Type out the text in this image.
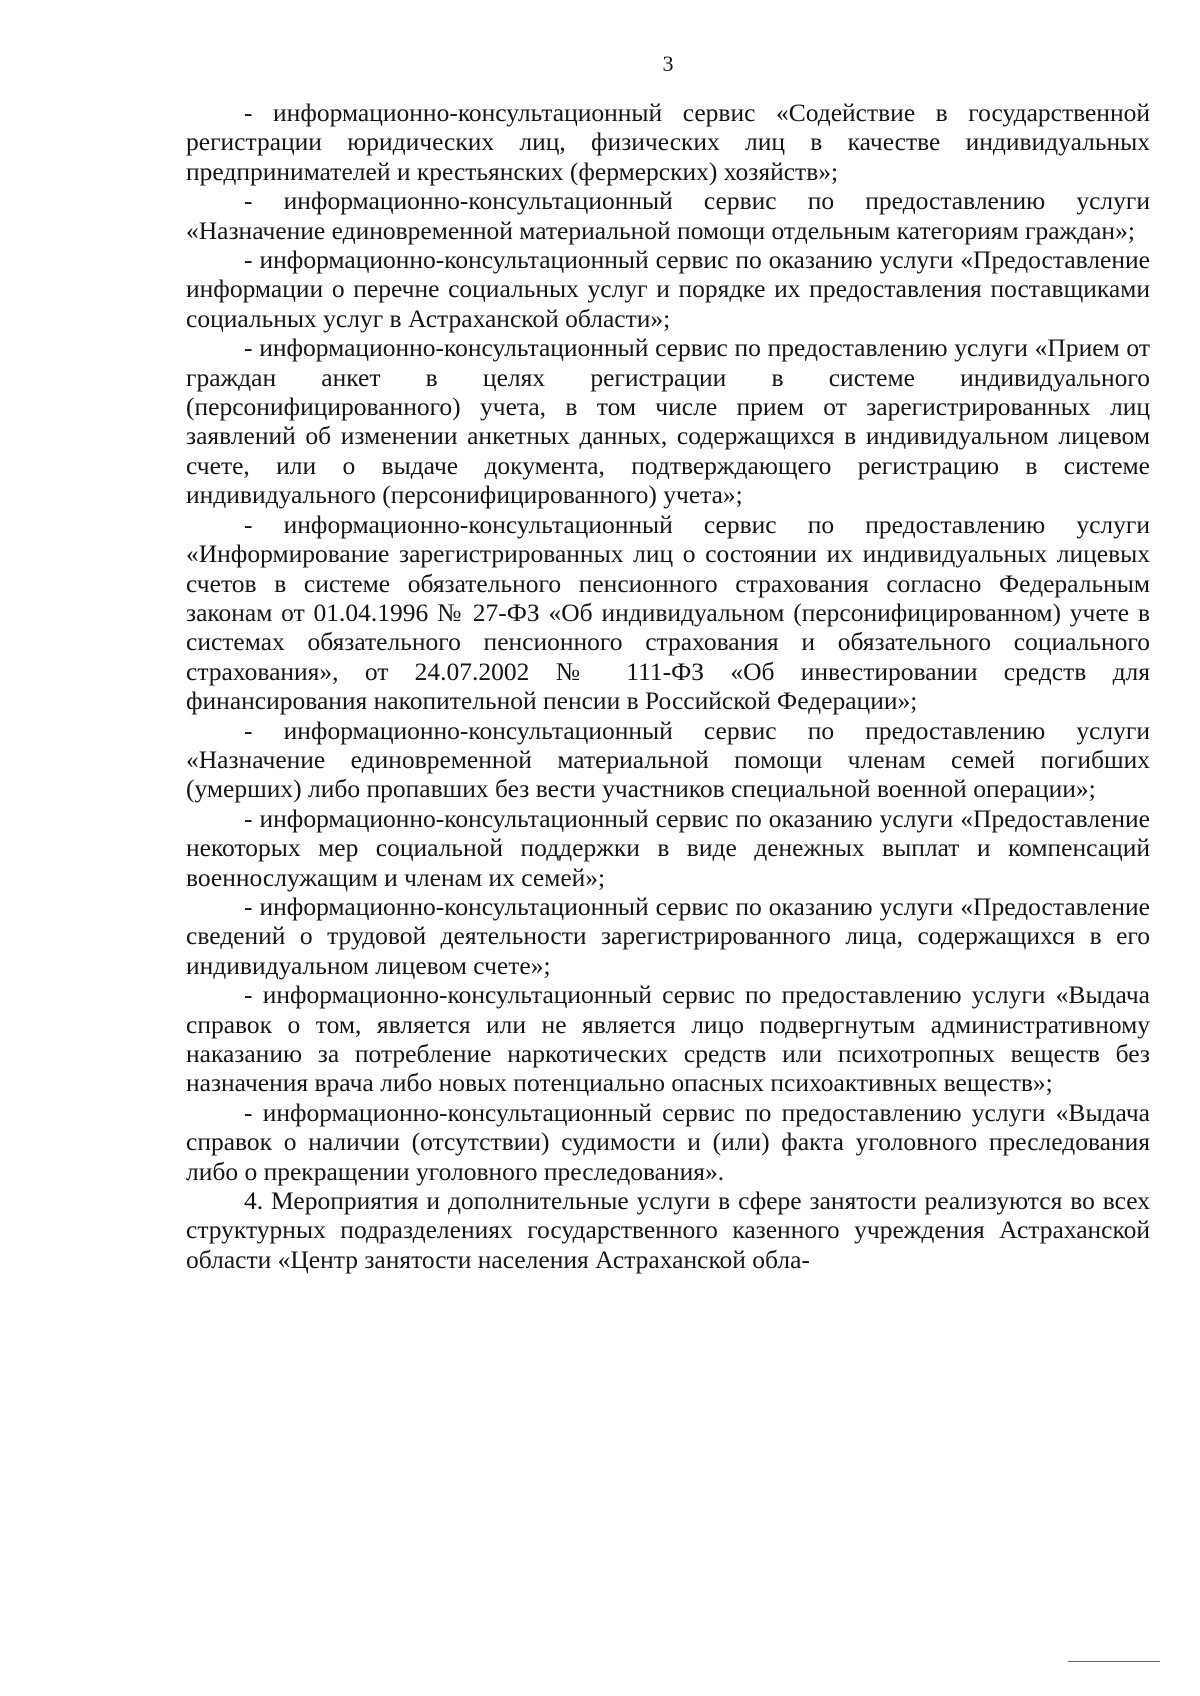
3

- информационно-консультационный сервис «Содействие в государственной регистрации юридических лиц, физических лиц в качестве индивидуальных предпринимателей и крестьянских (фермерских) хозяйств»;

- информационно-консультационный сервис по предоставлению услуги «Назначение единовременной материальной помощи отдельным категориям граждан»;

- информационно-консультационный сервис по оказанию услуги «Предоставление информации о перечне социальных услуг и порядке их предоставления поставщиками социальных услуг в Астраханской области»;

- информационно-консультационный сервис по предоставлению услуги «Прием от граждан анкет в целях регистрации в системе индивидуального (персонифицированного) учета, в том числе прием от зарегистрированных лиц заявлений об изменении анкетных данных, содержащихся в индивидуальном лицевом счете, или о выдаче документа, подтверждающего регистрацию в системе индивидуального (персонифицированного) учета»;

- информационно-консультационный сервис по предоставлению услуги «Информирование зарегистрированных лиц о состоянии их индивидуальных лицевых счетов в системе обязательного пенсионного страхования согласно Федеральным законам от 01.04.1996 № 27-ФЗ «Об индивидуальном (персонифицированном) учете в системах обязательного пенсионного страхования и обязательного социального страхования», от 24.07.2002 № 111-ФЗ «Об инвестировании средств для финансирования накопительной пенсии в Российской Федерации»;

- информационно-консультационный сервис по предоставлению услуги «Назначение единовременной материальной помощи членам семей погибших (умерших) либо пропавших без вести участников специальной военной операции»;

- информационно-консультационный сервис по оказанию услуги «Предоставление некоторых мер социальной поддержки в виде денежных выплат и компенсаций военнослужащим и членам их семей»;

- информационно-консультационный сервис по оказанию услуги «Предоставление сведений о трудовой деятельности зарегистрированного лица, содержащихся в его индивидуальном лицевом счете»;

- информационно-консультационный сервис по предоставлению услуги «Выдача справок о том, является или не является лицо подвергнутым административному наказанию за потребление наркотических средств или психотропных веществ без назначения врача либо новых потенциально опасных психоактивных веществ»;

- информационно-консультационный сервис по предоставлению услуги «Выдача справок о наличии (отсутствии) судимости и (или) факта уголовного преследования либо о прекращении уголовного преследования».

4. Мероприятия и дополнительные услуги в сфере занятости реализуются во всех структурных подразделениях государственного казенного учреждения Астраханской области «Центр занятости населения Астраханской обла-
